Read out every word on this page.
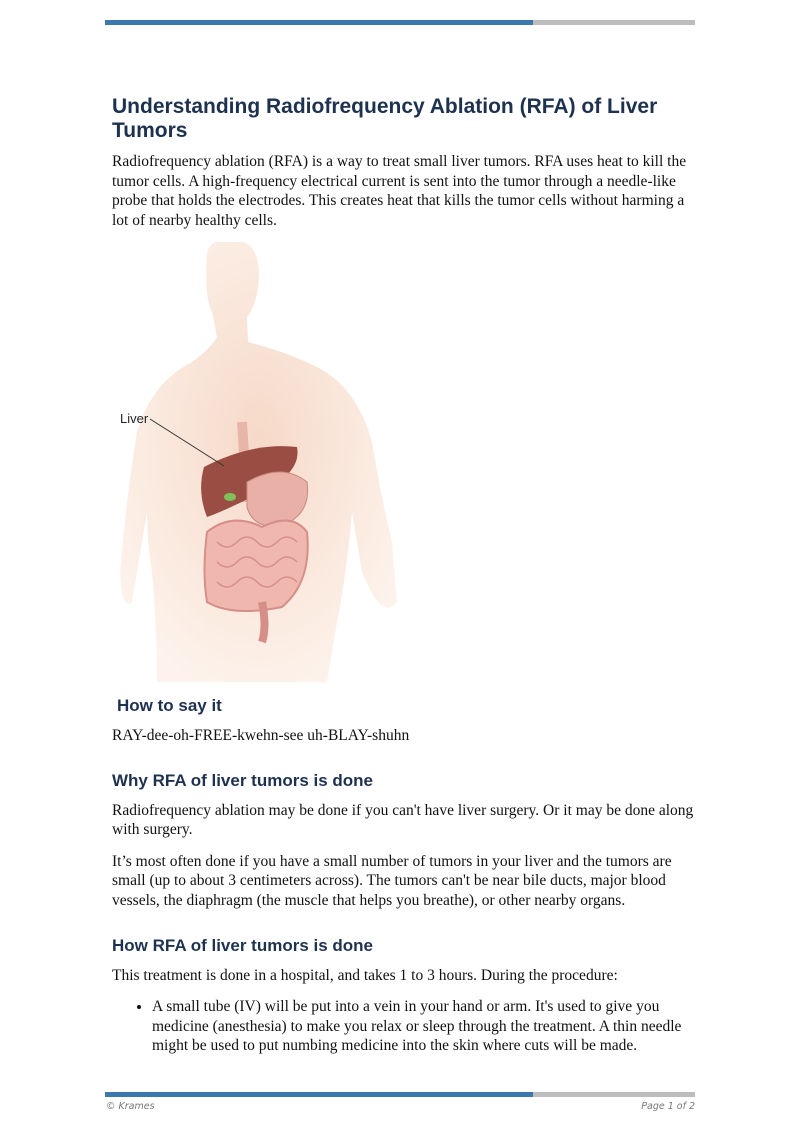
Understanding Radiofrequency Ablation (RFA) of Liver Tumors

Radiofrequency ablation (RFA) is a way to treat small liver tumors. RFA uses heat to kill the tumor cells. A high-frequency electrical current is sent into the tumor through a needle-like probe that holds the electrodes. This creates heat that kills the tumor cells without harming a lot of nearby healthy cells.

Liver
How to say it

RAY-dee-oh-FREE-kwehn-see uh-BLAY-shuhn

Why RFA of liver tumors is done

Radiofrequency ablation may be done if you can't have liver surgery. Or it may be done along with surgery.

It’s most often done if you have a small number of tumors in your liver and the tumors are small (up to about 3 centimeters across). The tumors can't be near bile ducts, major blood vessels, the diaphragm (the muscle that helps you breathe), or other nearby organs.

How RFA of liver tumors is done

This treatment is done in a hospital, and takes 1 to 3 hours. During the procedure:

• A small tube (IV) will be put into a vein in your hand or arm. It's used to give you medicine (anesthesia) to make you relax or sleep through the treatment. A thin needle might be used to put numbing medicine into the skin where cuts will be made.
© Krames	Page 1 of 2
